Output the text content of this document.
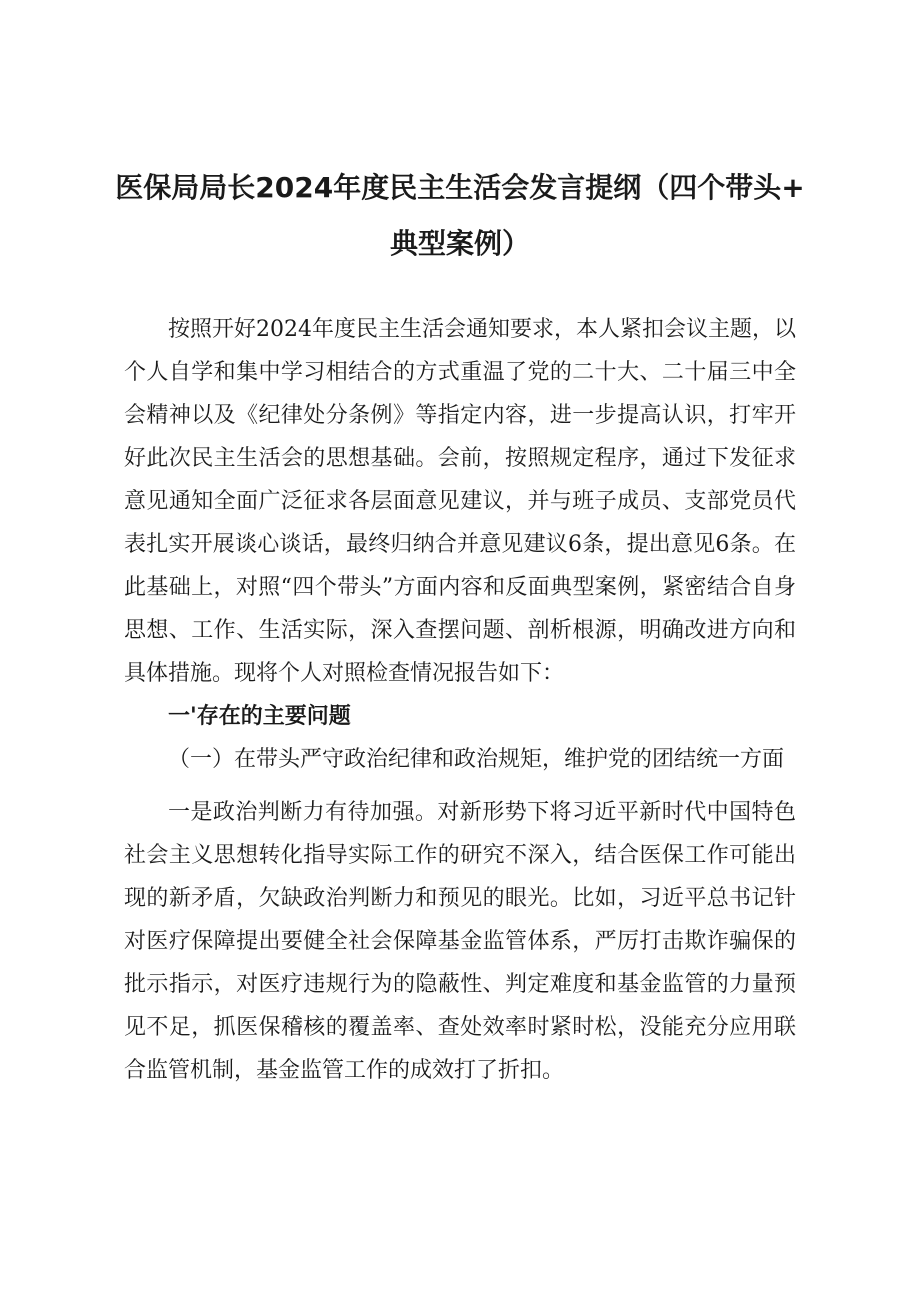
医保局局长2024年度民主生活会发言提纲（四个带头+
典型案例）

按照开好2024年度民主生活会通知要求，本人紧扣会议主题，以个人自学和集中学习相结合的方式重温了党的二十大、二十届三中全会精神以及《纪律处分条例》等指定内容，进一步提高认识，打牢开好此次民主生活会的思想基础。会前，按照规定程序，通过下发征求意见通知全面广泛征求各层面意见建议，并与班子成员、支部党员代表扎实开展谈心谈话，最终归纳合并意见建议6条，提出意见6条。在此基础上，对照“四个带头”方面内容和反面典型案例，紧密结合自身思想、工作、生活实际，深入查摆问题、剖析根源，明确改进方向和具体措施。现将个人对照检查情况报告如下：

一'存在的主要问题

（一）在带头严守政治纪律和政治规矩，维护党的团结统一方面

一是政治判断力有待加强。对新形势下将习近平新时代中国特色社会主义思想转化指导实际工作的研究不深入，结合医保工作可能出现的新矛盾，欠缺政治判断力和预见的眼光。比如，习近平总书记针对医疗保障提出要健全社会保障基金监管体系，严厉打击欺诈骗保的批示指示，对医疗违规行为的隐蔽性、判定难度和基金监管的力量预见不足，抓医保稽核的覆盖率、查处效率时紧时松，没能充分应用联合监管机制，基金监管工作的成效打了折扣。
